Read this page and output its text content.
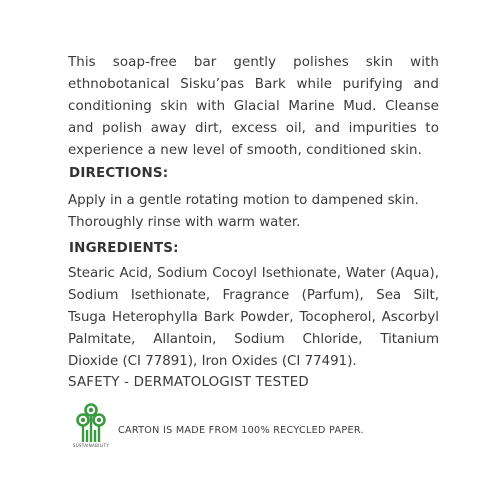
This soap-free bar gently polishes skin with ethnobotanical Sisku’pas Bark while purifying and conditioning skin with Glacial Marine Mud. Cleanse and polish away dirt, excess oil, and impurities to experience a new level of smooth, conditioned skin.

DIRECTIONS:

Apply in a gentle rotating motion to dampened skin. Thoroughly rinse with warm water.

INGREDIENTS:

Stearic Acid, Sodium Cocoyl Isethionate, Water (Aqua), Sodium Isethionate, Fragrance (Parfum), Sea Silt, Tsuga Heterophylla Bark Powder, Tocopherol, Ascorbyl Palmitate, Allantoin, Sodium Chloride, Titanium Dioxide (CI 77891), Iron Oxides (CI 77491).

SAFETY - DERMATOLOGIST TESTED
SUSTAINABILITY
CARTON IS MADE FROM 100% RECYCLED PAPER.
